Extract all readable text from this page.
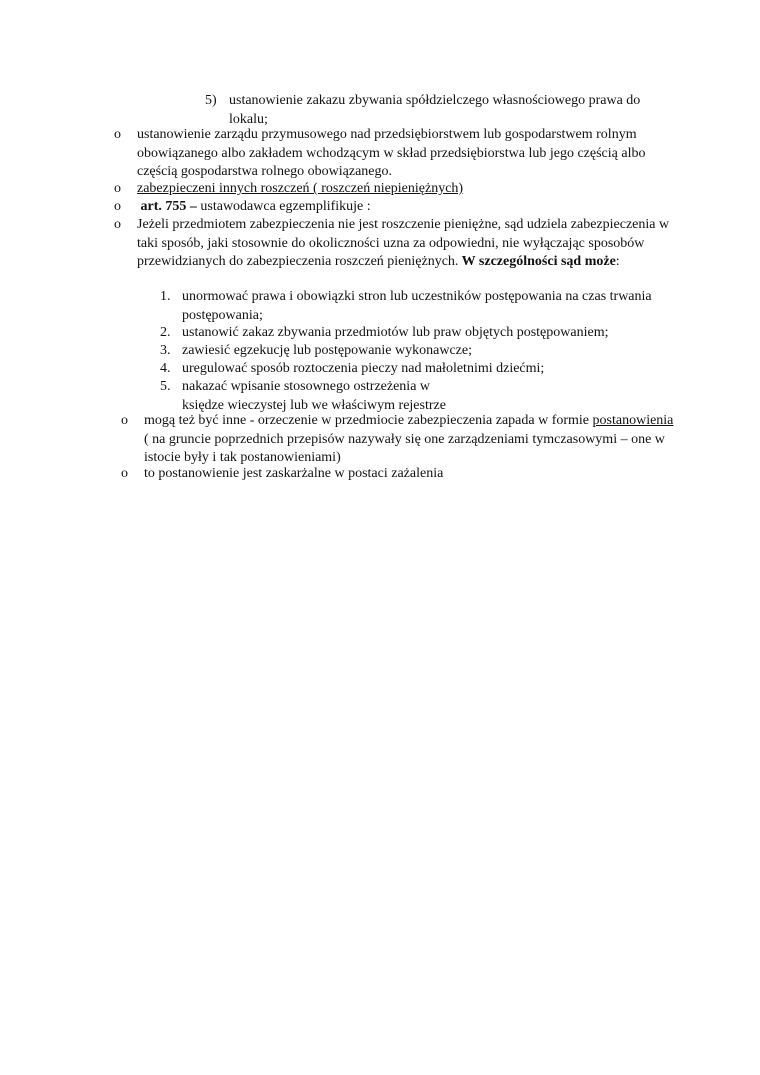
5) ustanowienie zakazu zbywania spółdzielczego własnościowego prawa do lokalu;
o ustanowienie zarządu przymusowego nad przedsiębiorstwem lub gospodarstwem rolnym obowiązanego albo zakładem wchodzącym w skład przedsiębiorstwa lub jego częścią albo częścią gospodarstwa rolnego obowiązanego.
o zabezpieczeni innych roszczeń ( roszczeń niepieniężnych)
o art. 755 – ustawodawca egzemplifikuje :
o Jeżeli przedmiotem zabezpieczenia nie jest roszczenie pieniężne, sąd udziela zabezpieczenia w taki sposób, jaki stosownie do okoliczności uzna za odpowiedni, nie wyłączając sposobów przewidzianych do zabezpieczenia roszczeń pieniężnych. W szczególności sąd może:
1. unormować prawa i obowiązki stron lub uczestników postępowania na czas trwania postępowania;
2. ustanowić zakaz zbywania przedmiotów lub praw objętych postępowaniem;
3. zawiesić egzekucję lub postępowanie wykonawcze;
4. uregulować sposób roztoczenia pieczy nad małoletnimi dziećmi;
5. nakazać wpisanie stosownego ostrzeżenia w księdze wieczystej lub we właściwym rejestrze
o mogą też być inne - orzeczenie w przedmiocie zabezpieczenia zapada w formie postanowienia ( na gruncie poprzednich przepisów nazywały się one zarządzeniami tymczasowymi – one w istocie były i tak postanowieniami)
o to postanowienie jest zaskarżalne w postaci zażalenia
